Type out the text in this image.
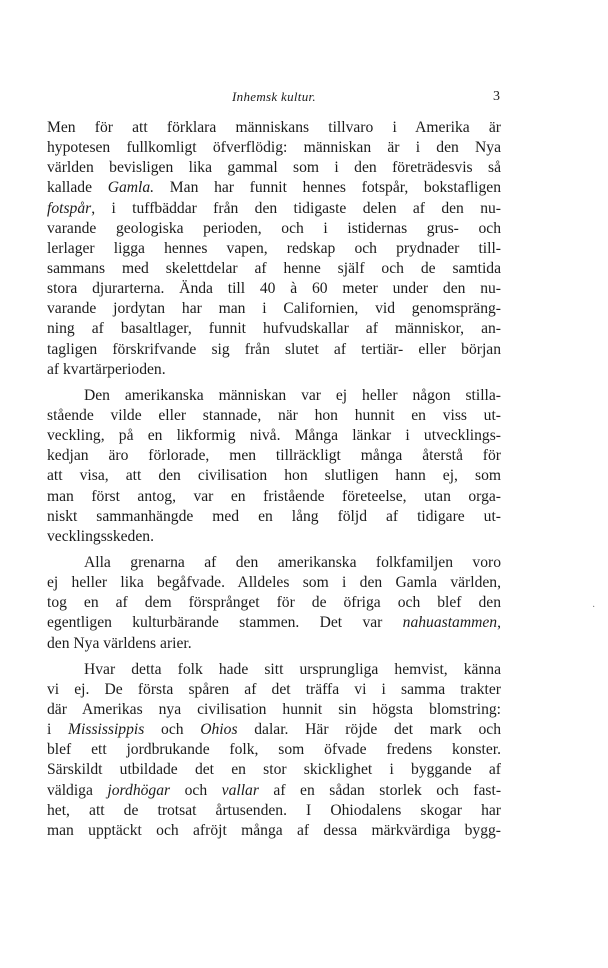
Inhemsk kultur.	3
Men för att förklara människans tillvaro i Amerika är
hypotesen fullkomligt öfverflödig: människan är i den Nya
världen bevisligen lika gammal som i den företrädesvis så
kallade Gamla. Man har funnit hennes fotspår, bokstafligen
fotspår, i tuffbäddar från den tidigaste delen af den nu-
varande geologiska perioden, och i istidernas grus- och
lerlager ligga hennes vapen, redskap och prydnader till-
sammans med skelettdelar af henne själf och de samtida
stora djurarterna. Ända till 40 à 60 meter under den nu-
varande jordytan har man i Californien, vid genomspräng-
ning af basaltlager, funnit hufvudskallar af människor, an-
tagligen förskrifvande sig från slutet af tertiär- eller början
af kvartärperioden.
Den amerikanska människan var ej heller någon stilla-
stående vilde eller stannade, när hon hunnit en viss ut-
veckling, på en likformig nivå. Många länkar i utvecklings-
kedjan äro förlorade, men tillräckligt många återstå för
att visa, att den civilisation hon slutligen hann ej, som
man först antog, var en fristående företeelse, utan orga-
niskt sammanhängde med en lång följd af tidigare ut-
vecklingsskeden.
Alla grenarna af den amerikanska folkfamiljen voro
ej heller lika begåfvade. Alldeles som i den Gamla världen,
tog en af dem försprånget för de öfriga och blef den
egentligen kulturbärande stammen. Det var nahuastammen,
den Nya världens arier.
Hvar detta folk hade sitt ursprungliga hemvist, känna
vi ej. De första spåren af det träffa vi i samma trakter
där Amerikas nya civilisation hunnit sin högsta blomstring:
i Mississippis och Ohios dalar. Här röjde det mark och
blef ett jordbrukande folk, som öfvade fredens konster.
Särskildt utbildade det en stor skicklighet i byggande af
väldiga jordhögar och vallar af en sådan storlek och fast-
het, att de trotsat årtusenden. I Ohiodalens skogar har
man upptäckt och afröjt många af dessa märkvärdiga bygg-
·
